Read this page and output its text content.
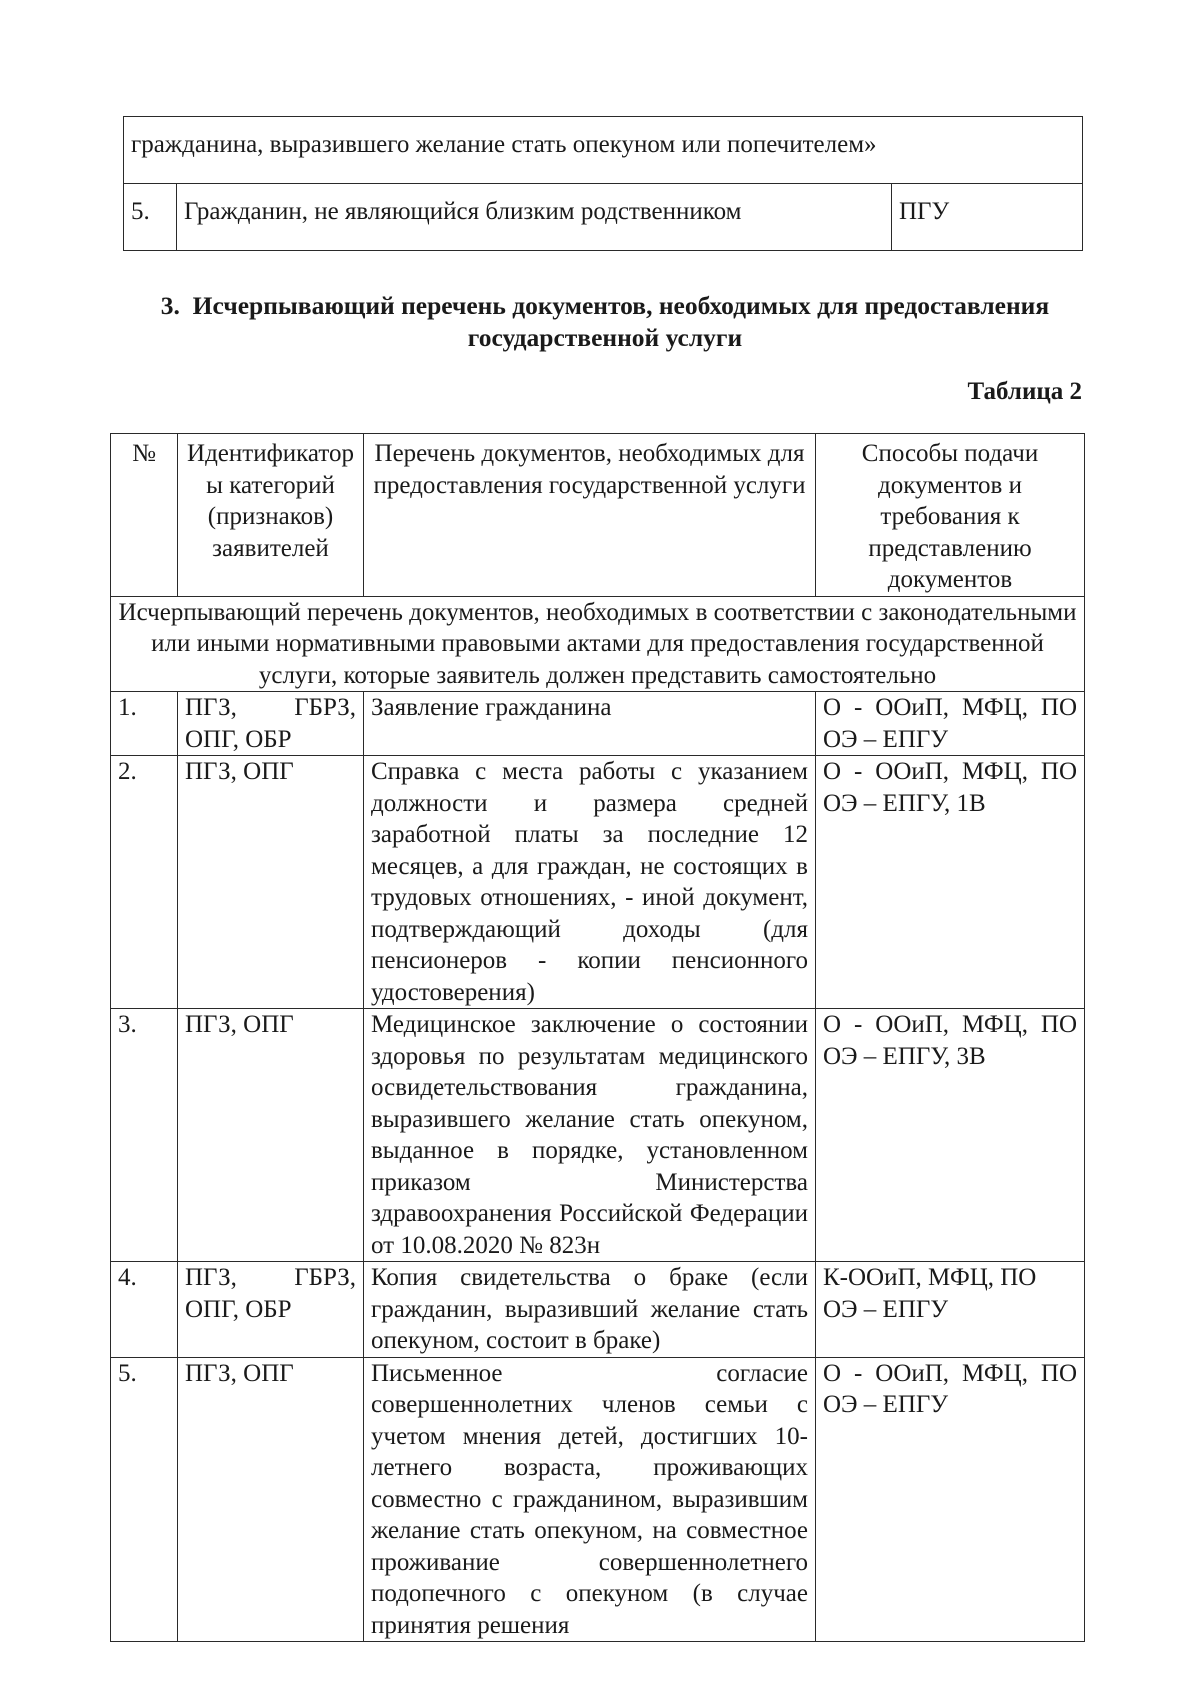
гражданина, выразившего желание стать опекуном или попечителем»
5.	Гражданин, не являющийся близким родственником	ПГУ
3. Исчерпывающий перечень документов, необходимых для предоставления
государственной услуги
Таблица 2
№	Идентификатор ы категорий (признаков) заявителей	Перечень документов, необходимых для предоставления государственной услуги	Способы подачи документов и требования к представлению документов
Исчерпывающий перечень документов, необходимых в соответствии с законодательными или иными нормативными правовыми актами для предоставления государственной услуги, которые заявитель должен представить самостоятельно			
1.	ПГЗ, ГБРЗ, ОПГ, ОБР	Заявление гражданина	О - ООиП, МФЦ, ПО ОЭ – ЕПГУ
2.	ПГЗ, ОПГ	Справка с места работы с указанием должности и размера средней заработной платы за последние 12 месяцев, а для граждан, не состоящих в трудовых отношениях, - иной документ, подтверждающий доходы (для пенсионеров - копии пенсионного удостоверения)	О - ООиП, МФЦ, ПО ОЭ – ЕПГУ, 1В
3.	ПГЗ, ОПГ	Медицинское заключение о состоянии здоровья по результатам медицинского освидетельствования гражданина, выразившего желание стать опекуном, выданное в порядке, установленном приказом Министерства здравоохранения Российской Федерации от 10.08.2020 № 823н	О - ООиП, МФЦ, ПО ОЭ – ЕПГУ, 3В
4.	ПГЗ, ГБРЗ, ОПГ, ОБР	Копия свидетельства о браке (если гражданин, выразивший желание стать опекуном, состоит в браке)	К-ООиП, МФЦ, ПО ОЭ – ЕПГУ
5.	ПГЗ, ОПГ	Письменное согласие совершеннолетних членов семьи с учетом мнения детей, достигших 10-летнего возраста, проживающих совместно с гражданином, выразившим желание стать опекуном, на совместное проживание совершеннолетнего подопечного с опекуном (в случае принятия решения	О - ООиП, МФЦ, ПО ОЭ – ЕПГУ
